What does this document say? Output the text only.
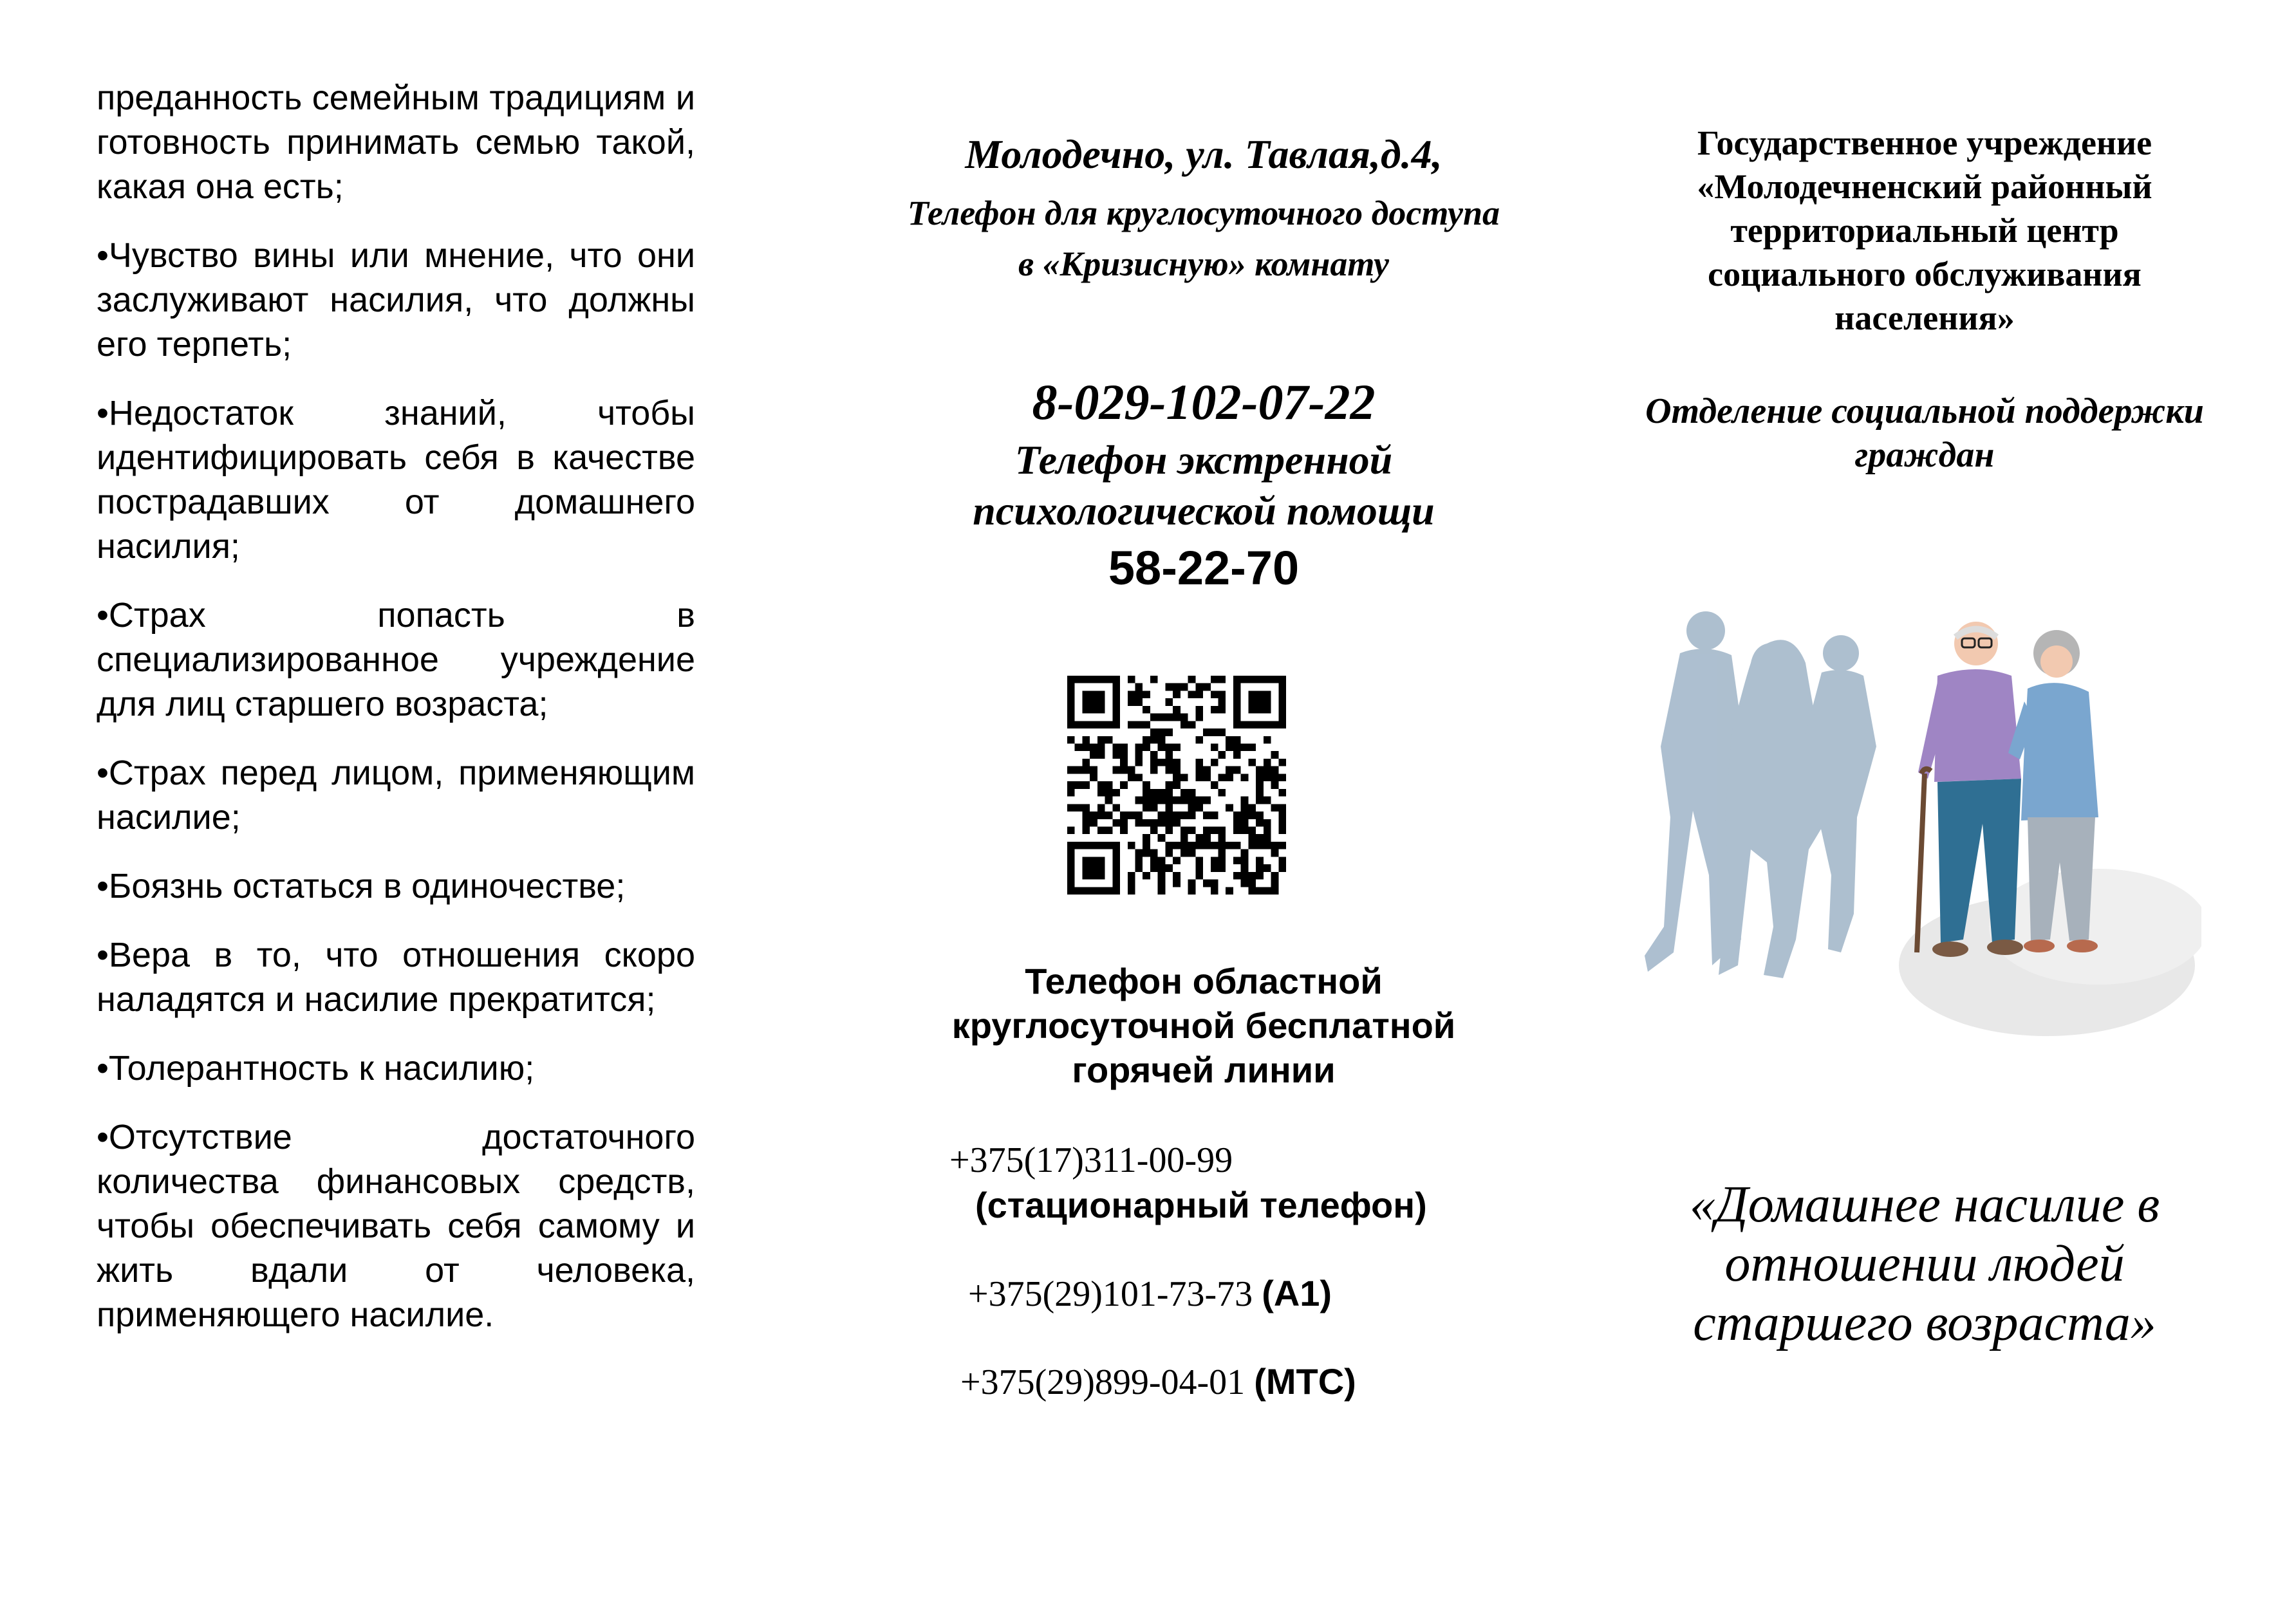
преданность семейным традициям и готовность принимать семью такой, какая она есть;

•Чувство вины или мнение, что они заслуживают насилия, что должны его терпеть;

•Недостаток знаний, чтобы идентифицировать себя в качестве пострадавших от домашнего насилия;

•Страх попасть в специализированное учреждение для лиц старшего возраста;

•Страх перед лицом, применяющим насилие;

•Боязнь остаться в одиночестве;

•Вера в то, что отношения скоро наладятся и насилие прекратится;

•Толерантность к насилию;

•Отсутствие достаточного количества финансовых средств, чтобы обеспечивать себя самому и жить вдали от человека, применяющего насилие.

Молодечно, ул. Тавлая,д.4,
Телефон для круглосуточного доступа в «Кризисную» комнату
8-029-102-07-22
Телефон экстренной психологической помощи
58-22-70
Телефон областной круглосуточной бесплатной горячей линии
+375(17)311-00-99
(стационарный телефон)
+375(29)101-73-73 (А1)
+375(29)899-04-01 (МТС)
Государственное учреждение «Молодечненский районный территориальный центр социального обслуживания населения»
Отделение социальной поддержки граждан
«Домашнее насилие в отношении людей старшего возраста»
